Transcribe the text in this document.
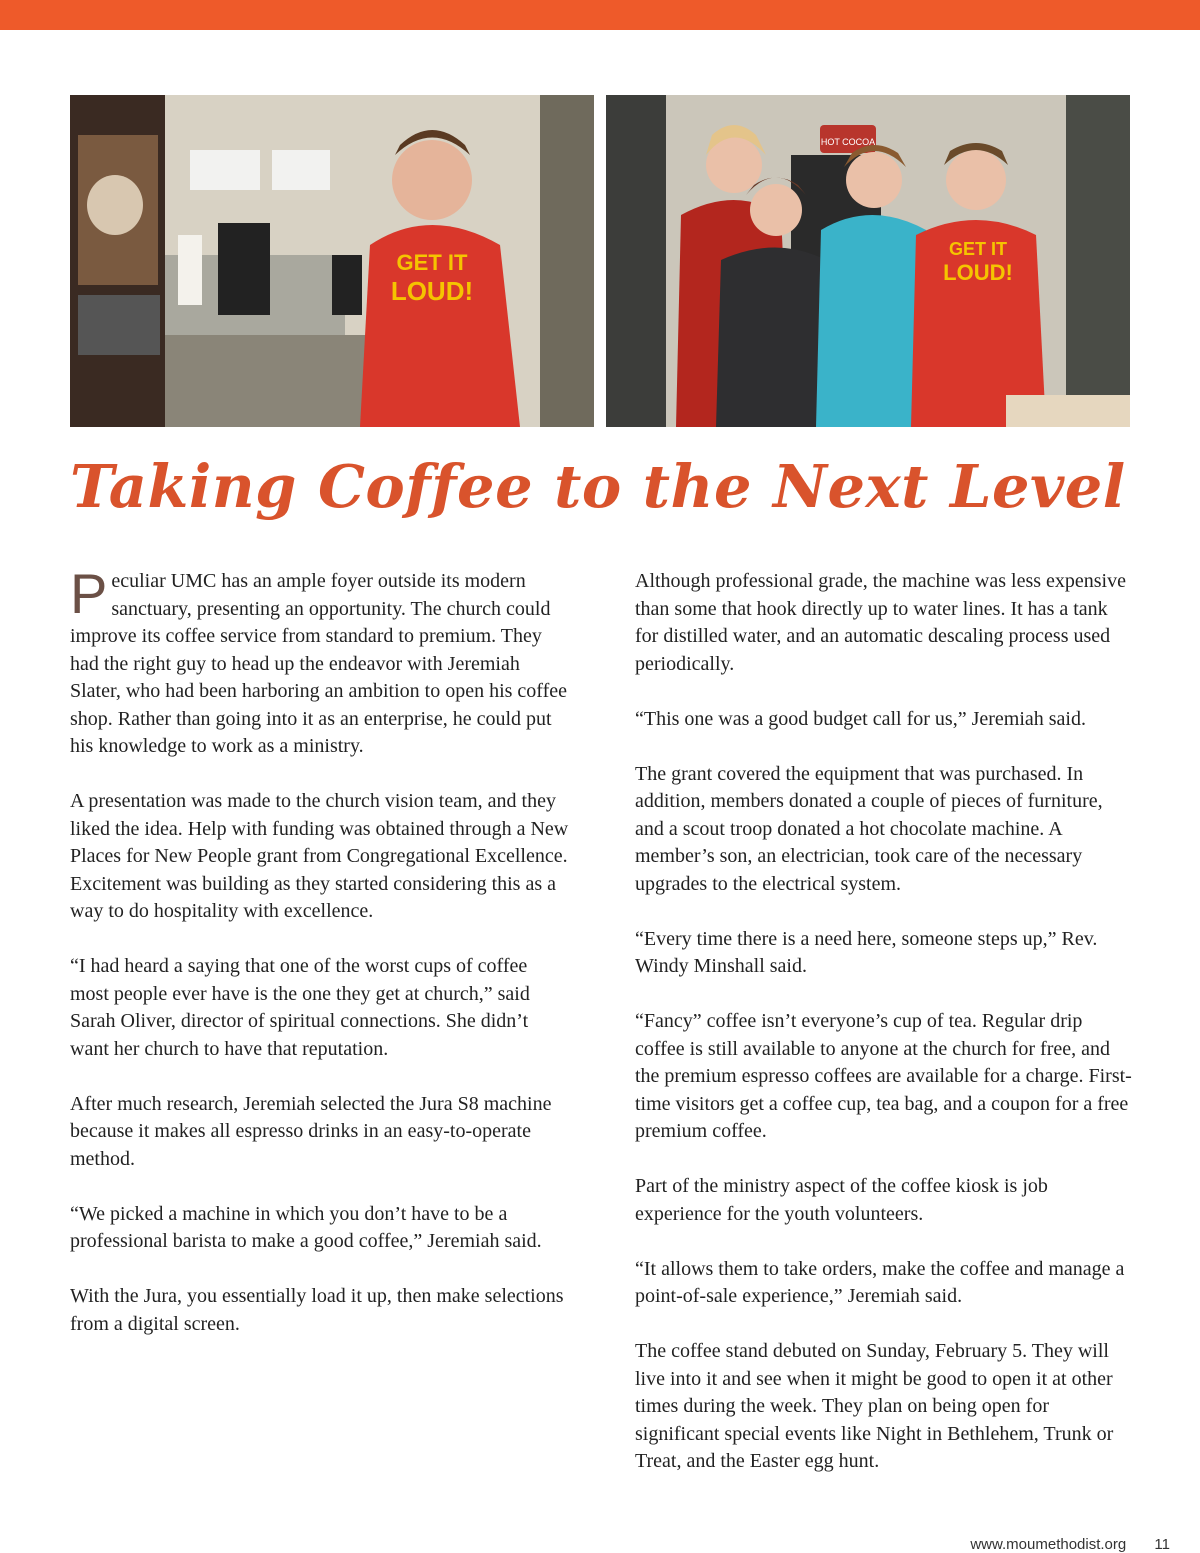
GET IT
LOUD!
HOT COCOA
GET IT
LOUD!
Taking Coffee to the Next Level

Peculiar UMC has an ample foyer outside its modern sanctuary, presenting an opportunity. The church could improve its coffee service from standard to premium. They had the right guy to head up the endeavor with Jeremiah Slater, who had been harboring an ambition to open his coffee shop. Rather than going into it as an enterprise, he could put his knowledge to work as a ministry.

A presentation was made to the church vision team, and they liked the idea. Help with funding was obtained through a New Places for New People grant from Congregational Excellence. Excitement was building as they started considering this as a way to do hospitality with excellence.

“I had heard a saying that one of the worst cups of coffee most people ever have is the one they get at church,” said Sarah Oliver, director of spiritual connections. She didn’t want her church to have that reputation.

After much research, Jeremiah selected the Jura S8 machine because it makes all espresso drinks in an easy-to-operate method.

“We picked a machine in which you don’t have to be a professional barista to make a good coffee,” Jeremiah said.

With the Jura, you essentially load it up, then make selections from a digital screen.

Although professional grade, the machine was less expensive than some that hook directly up to water lines. It has a tank for distilled water, and an automatic descaling process used periodically.

“This one was a good budget call for us,” Jeremiah said.

The grant covered the equipment that was purchased. In addition, members donated a couple of pieces of furniture, and a scout troop donated a hot chocolate machine. A member’s son, an electrician, took care of the necessary upgrades to the electrical system.

“Every time there is a need here, someone steps up,” Rev. Windy Minshall said.

“Fancy” coffee isn’t everyone’s cup of tea. Regular drip coffee is still available to anyone at the church for free, and the premium espresso coffees are available for a charge. First-time visitors get a coffee cup, tea bag, and a coupon for a free premium coffee.

Part of the ministry aspect of the coffee kiosk is job experience for the youth volunteers.

“It allows them to take orders, make the coffee and manage a point-of-sale experience,” Jeremiah said.

The coffee stand debuted on Sunday, February 5. They will live into it and see when it might be good to open it at other times during the week. They plan on being open for significant special events like Night in Bethlehem, Trunk or Treat, and the Easter egg hunt.

www.moumethodist.org 11
